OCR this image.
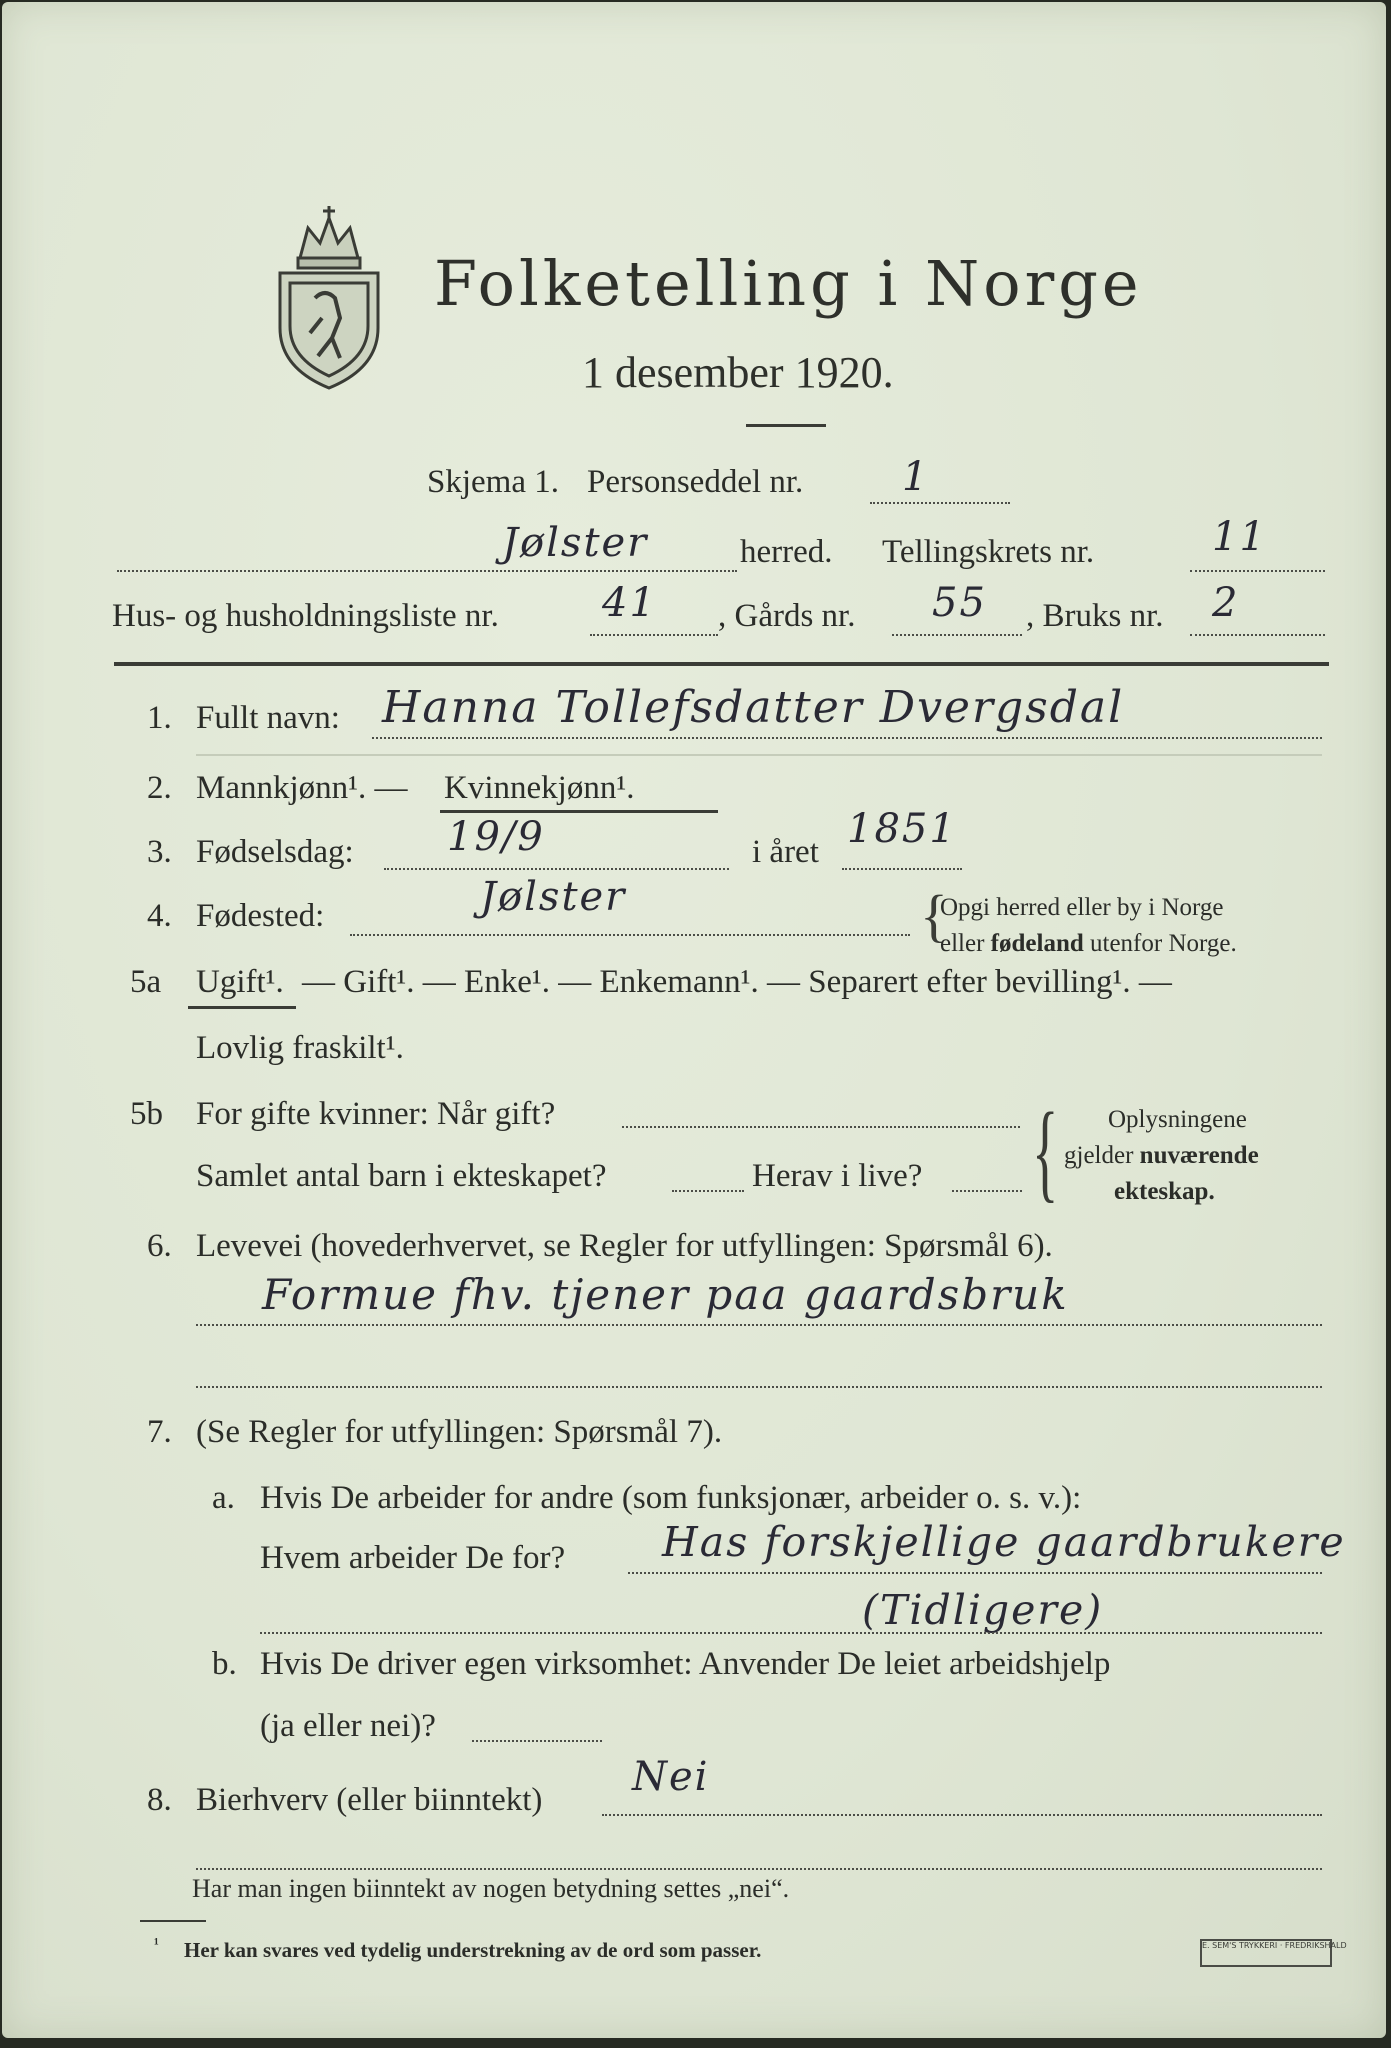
Folketelling i Norge
1 desember 1920.
Skjema 1. Personseddel nr. 1
Jølster	herred. Tellingskrets nr.	11
Hus- og husholdningsliste nr.	41 , Gårds nr. 55 , Bruks nr. 2
1. Fullt navn: Hanna Tollefsdatter Dvergsdal
2. Mannkjønn¹. — Kvinnekjønn¹.
3. Fødselsdag: 19/9	i året 1851
4. Fødested:	Jølster	{
Opgi herred eller by i Norge
eller fødeland utenfor Norge.
5a Ugift¹. — Gift¹. — Enke¹. — Enkemann¹. — Separert efter bevilling¹. —
Lovlig fraskilt¹.
5b For gifte kvinner: Når gift?
Samlet antal barn i ekteskapet?	Herav i live? { Oplysningene
gjelder nuværende
ekteskap.
6. Levevei (hovederhvervet, se Regler for utfyllingen: Spørsmål 6).
Formue fhv. tjener paa gaardsbruk
7. (Se Regler for utfyllingen: Spørsmål 7).
a. Hvis De arbeider for andre (som funksjonær, arbeider o. s. v.):
Hvem arbeider De for? Has forskjellige gaardbrukere
(Tidligere)
b. Hvis De driver egen virksomhet: Anvender De leiet arbeidshjelp
(ja eller nei)?
8. Bierhverv (eller biinntekt) Nei
Har man ingen biinntekt av nogen betydning settes „nei“.
¹ Her kan svares ved tydelig understrekning av de ord som passer.	E. SEM'S TRYKKERI · FREDRIKSHALD
